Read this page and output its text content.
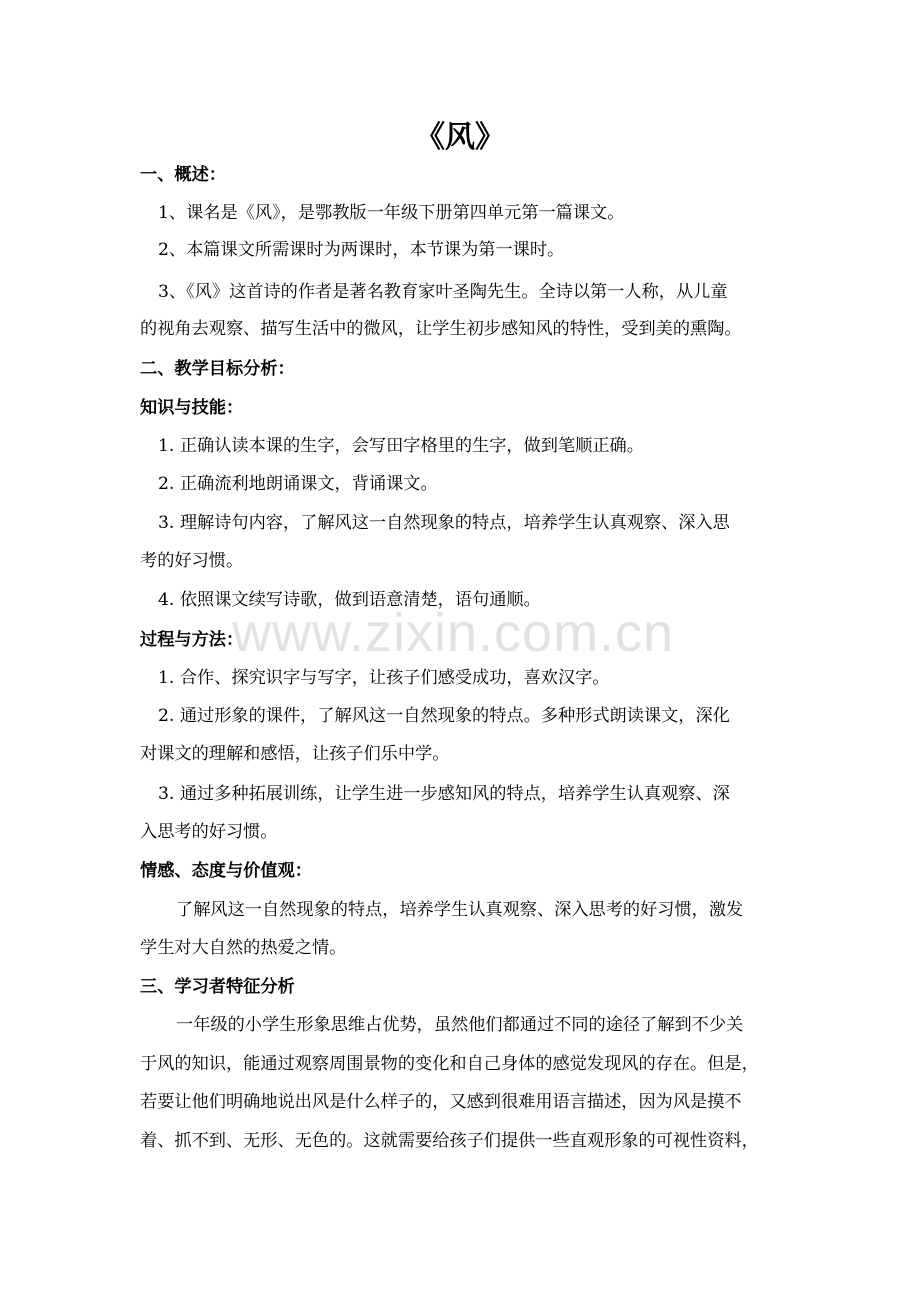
www.zixin.com.cn
《风》
一、概述：
1、课名是《风》，是鄂教版一年级下册第四单元第一篇课文。
2、本篇课文所需课时为两课时，本节课为第一课时。
3、《风》这首诗的作者是著名教育家叶圣陶先生。全诗以第一人称，从儿童
的视角去观察、描写生活中的微风，让学生初步感知风的特性，受到美的熏陶。
二、教学目标分析：
知识与技能：
1. 正确认读本课的生字，会写田字格里的生字，做到笔顺正确。
2. 正确流利地朗诵课文，背诵课文。
3. 理解诗句内容，了解风这一自然现象的特点，培养学生认真观察、深入思
考的好习惯。
4. 依照课文续写诗歌，做到语意清楚，语句通顺。
过程与方法：
1. 合作、探究识字与写字，让孩子们感受成功，喜欢汉字。
2. 通过形象的课件，了解风这一自然现象的特点。多种形式朗读课文，深化
对课文的理解和感悟，让孩子们乐中学。
3. 通过多种拓展训练，让学生进一步感知风的特点，培养学生认真观察、深
入思考的好习惯。
情感、态度与价值观：
了解风这一自然现象的特点，培养学生认真观察、深入思考的好习惯，激发
学生对大自然的热爱之情。
三、学习者特征分析
一年级的小学生形象思维占优势，虽然他们都通过不同的途径了解到不少关
于风的知识，能通过观察周围景物的变化和自己身体的感觉发现风的存在。但是，
若要让他们明确地说出风是什么样子的，又感到很难用语言描述，因为风是摸不
着、抓不到、无形、无色的。这就需要给孩子们提供一些直观形象的可视性资料，
